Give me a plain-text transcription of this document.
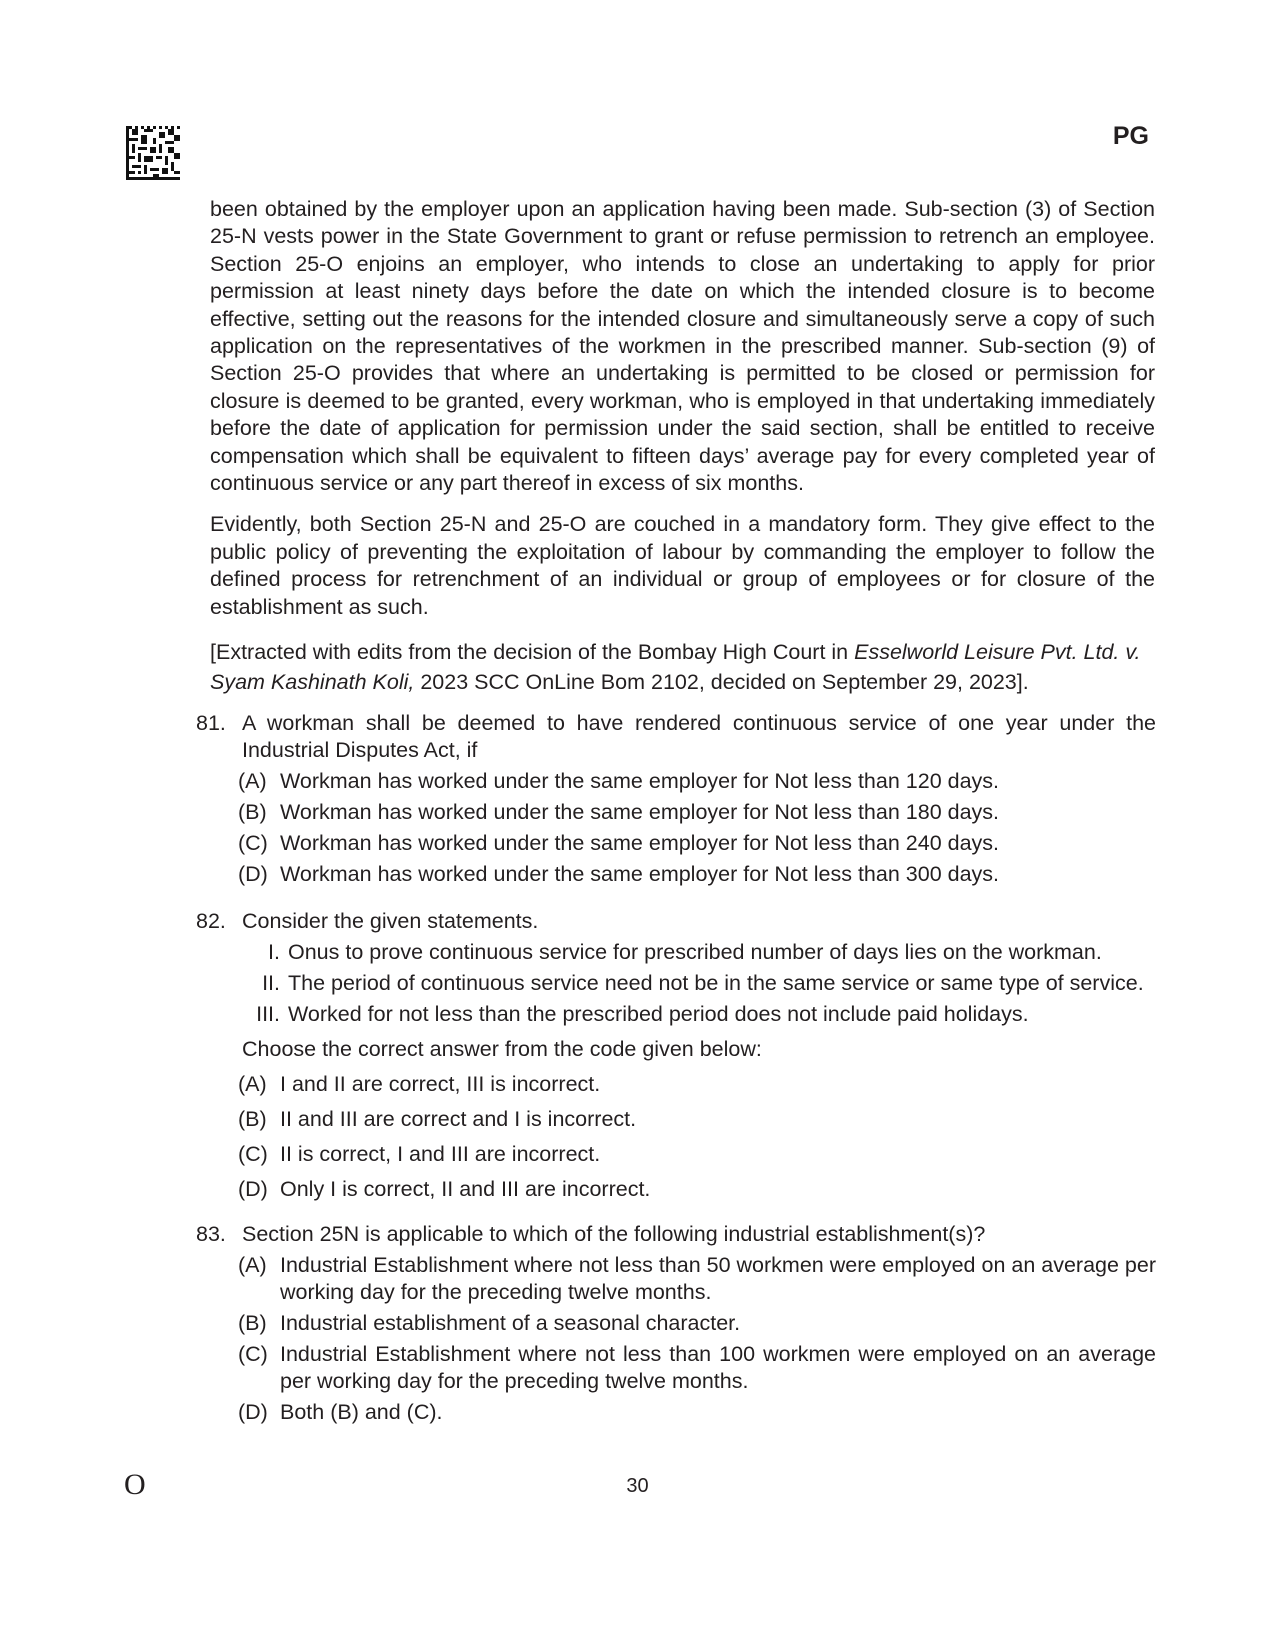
PG

been obtained by the employer upon an application having been made. Sub-section (3) of Section 25-N vests power in the State Government to grant or refuse permission to retrench an employee. Section 25-O enjoins an employer, who intends to close an undertaking to apply for prior permission at least ninety days before the date on which the intended closure is to become effective, setting out the reasons for the intended closure and simultaneously serve a copy of such application on the representatives of the workmen in the prescribed manner. Sub-section (9) of Section 25-O provides that where an undertaking is permitted to be closed or permission for closure is deemed to be granted, every workman, who is employed in that undertaking immediately before the date of application for permission under the said section, shall be entitled to receive compensation which shall be equivalent to fifteen days’ average pay for every completed year of continuous service or any part thereof in excess of six months.

Evidently, both Section 25-N and 25-O are couched in a mandatory form. They give effect to the public policy of preventing the exploitation of labour by commanding the employer to follow the defined process for retrenchment of an individual or group of employees or for closure of the establishment as such.

[Extracted with edits from the decision of the Bombay High Court in Esselworld Leisure Pvt. Ltd. v. Syam Kashinath Koli, 2023 SCC OnLine Bom 2102, decided on September 29, 2023].

81. A workman shall be deemed to have rendered continuous service of one year under the Industrial Disputes Act, if
(A) Workman has worked under the same employer for Not less than 120 days.
(B) Workman has worked under the same employer for Not less than 180 days.
(C) Workman has worked under the same employer for Not less than 240 days.
(D) Workman has worked under the same employer for Not less than 300 days.
82. Consider the given statements.
I. Onus to prove continuous service for prescribed number of days lies on the workman.
II. The period of continuous service need not be in the same service or same type of service.
III. Worked for not less than the prescribed period does not include paid holidays.
Choose the correct answer from the code given below:
(A) I and II are correct, III is incorrect.
(B) II and III are correct and I is incorrect.
(C) II is correct, I and III are incorrect.
(D) Only I is correct, II and III are incorrect.
83. Section 25N is applicable to which of the following industrial establishment(s)?
(A) Industrial Establishment where not less than 50 workmen were employed on an average per working day for the preceding twelve months.
(B) Industrial establishment of a seasonal character.
(C) Industrial Establishment where not less than 100 workmen were employed on an average per working day for the preceding twelve months.
(D) Both (B) and (C).
O	30
